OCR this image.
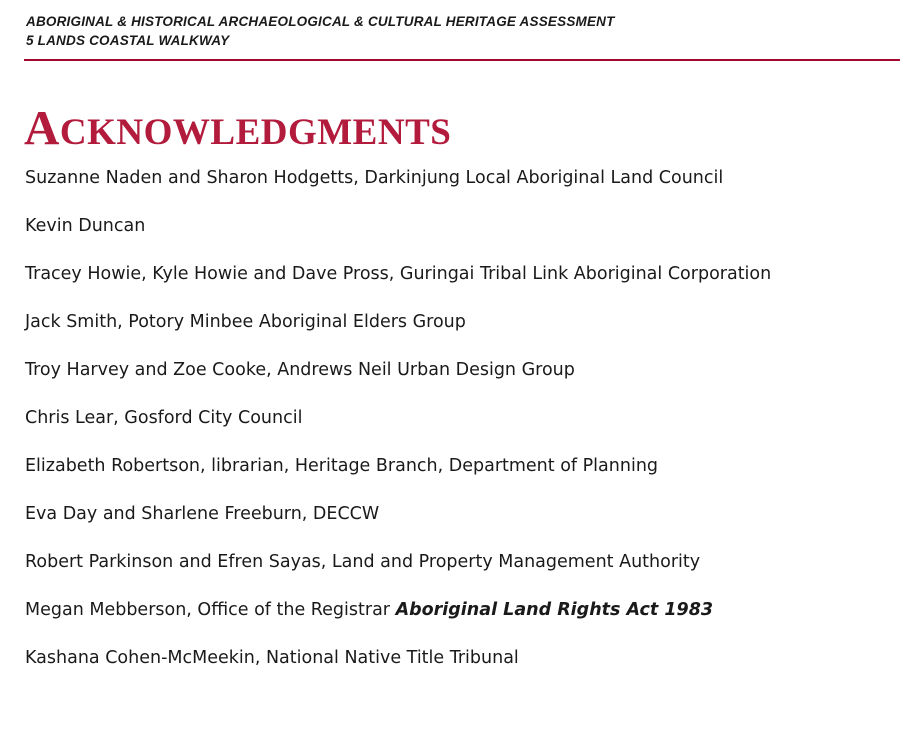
ABORIGINAL & HISTORICAL ARCHAEOLOGICAL & CULTURAL HERITAGE ASSESSMENT
5 LANDS COASTAL WALKWAY
ACKNOWLEDGMENTS

Suzanne Naden and Sharon Hodgetts, Darkinjung Local Aboriginal Land Council

Kevin Duncan

Tracey Howie, Kyle Howie and Dave Pross, Guringai Tribal Link Aboriginal Corporation

Jack Smith, Potory Minbee Aboriginal Elders Group

Troy Harvey and Zoe Cooke, Andrews Neil Urban Design Group

Chris Lear, Gosford City Council

Elizabeth Robertson, librarian, Heritage Branch, Department of Planning

Eva Day and Sharlene Freeburn, DECCW

Robert Parkinson and Efren Sayas, Land and Property Management Authority

Megan Mebberson, Office of the Registrar Aboriginal Land Rights Act 1983

Kashana Cohen-McMeekin, National Native Title Tribunal
